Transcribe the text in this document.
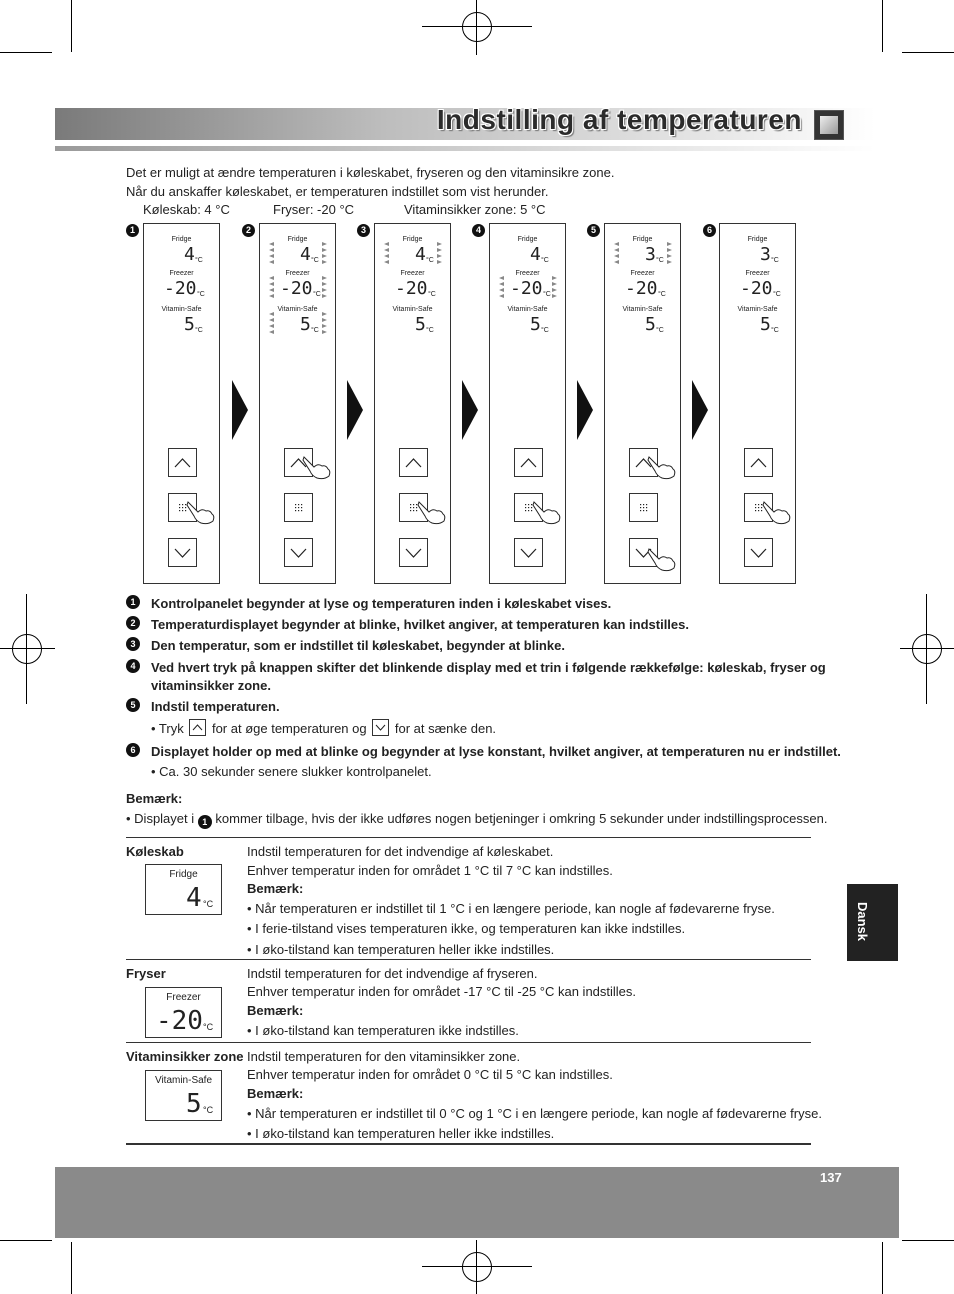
Indstilling af temperaturen
Det er muligt at ændre temperaturen i køleskabet, fryseren og den vitaminsikre zone.
Når du anskaffer køleskabet, er temperaturen indstillet som vist herunder.
Køleskab: 4 °C	Fryser: -20 °C	Vitaminsikker zone: 5 °C
1
Fridge
4 °C
Freezer
-20 °C
Vitamin-Safe
5 °C
2
Fridge
4 °C
Freezer
-20 °C
Vitamin-Safe
5 °C
3
Fridge
4 °C
Freezer
-20 °C
Vitamin-Safe
5 °C
4
Fridge
4 °C
Freezer
-20 °C
Vitamin-Safe
5 °C
5
Fridge
3 °C
Freezer
-20 °C
Vitamin-Safe
5 °C
6
Fridge
3 °C
Freezer
-20 °C
Vitamin-Safe
5 °C
1	Kontrolpanelet begynder at lyse og temperaturen inden i køleskabet vises.
2	Temperaturdisplayet begynder at blinke, hvilket angiver, at temperaturen kan indstilles.
3	Den temperatur, som er indstillet til køleskabet, begynder at blinke.
4	Ved hvert tryk på knappen skifter det blinkende display med et trin i følgende rækkefølge: køleskab, fryser og
vitaminsikker zone.
5	Indstil temperaturen.
• Tryk for at øge temperaturen og for at sænke den.
6	Displayet holder op med at blinke og begynder at lyse konstant, hvilket angiver, at temperaturen nu er indstillet.
• Ca. 30 sekunder senere slukker kontrolpanelet.
Bemærk:
• Displayet i 1 kommer tilbage, hvis der ikke udføres nogen betjeninger i omkring 5 sekunder under indstillingsprocessen.
Køleskab
Fridge
4 °C
Indstil temperaturen for det indvendige af køleskabet.
Enhver temperatur inden for området 1 °C til 7 °C kan indstilles.
Bemærk:
• Når temperaturen er indstillet til 1 °C i en længere periode, kan nogle af fødevarerne fryse.
• I ferie-tilstand vises temperaturen ikke, og temperaturen kan ikke indstilles.
• I øko-tilstand kan temperaturen heller ikke indstilles.
Fryser
Freezer
-20 °C
Indstil temperaturen for det indvendige af fryseren.
Enhver temperatur inden for området -17 °C til -25 °C kan indstilles.
Bemærk:
• I øko-tilstand kan temperaturen ikke indstilles.
Vitaminsikker zone
Vitamin-Safe
5 °C
Indstil temperaturen for den vitaminsikker zone.
Enhver temperatur inden for området 0 °C til 5 °C kan indstilles.
Bemærk:
• Når temperaturen er indstillet til 0 °C og 1 °C i en længere periode, kan nogle af fødevarerne fryse.
• I øko-tilstand kan temperaturen heller ikke indstilles.
Dansk
137
